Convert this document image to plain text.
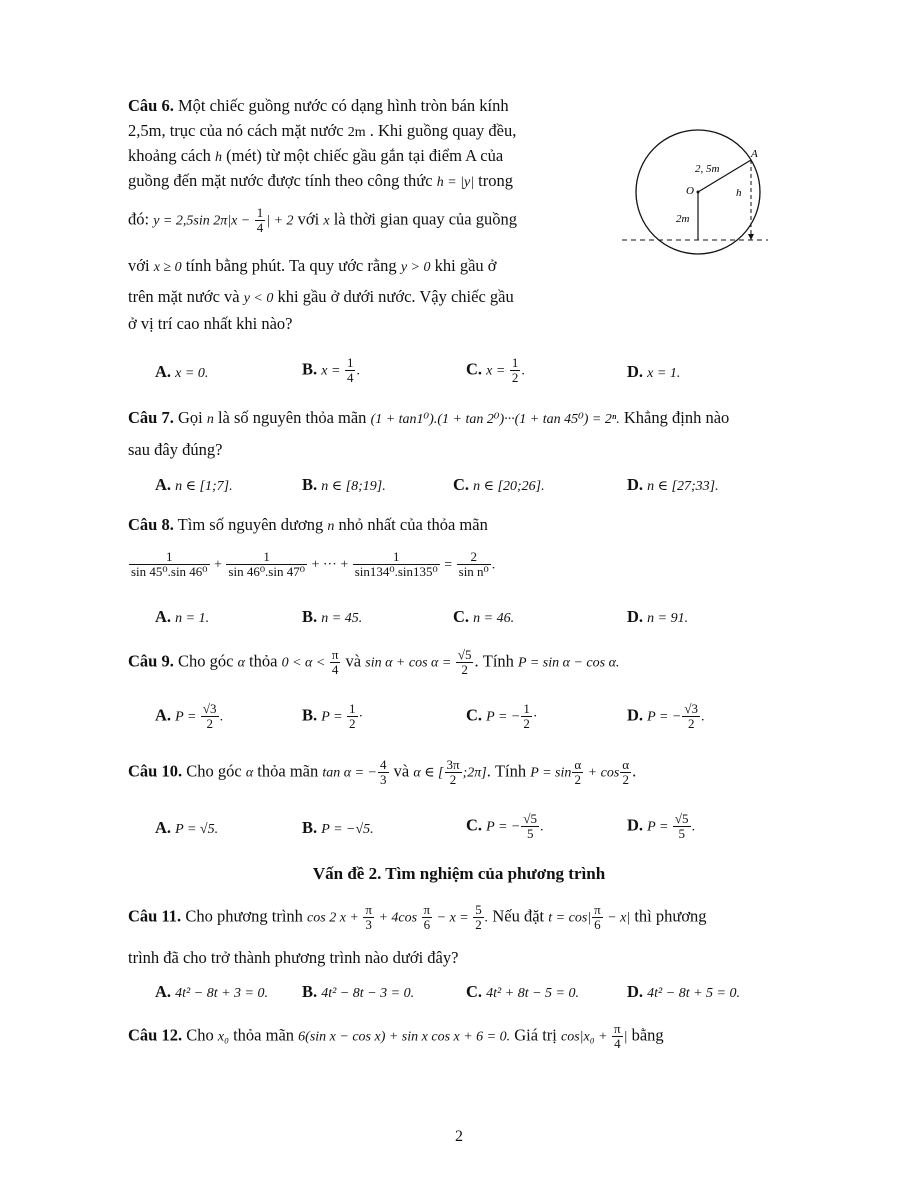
Câu 6. Một chiếc guồng nước có dạng hình tròn bán kính
2,5m, trục của nó cách mặt nước 2m . Khi guồng quay đều,
khoảng cách h (mét) từ một chiếc gầu gắn tại điểm A của
guồng đến mặt nước được tính theo công thức h = |y| trong
đó: y = 2,5sin $2\pi|x - \frac{1}{4}$ | + 2 với x là thời gian quay của guồng
với x ≥ 0 tính bằng phút. Ta quy ước rằng y > 0 khi gầu ở
trên mặt nước và y < 0 khi gầu ở dưới nước. Vậy chiếc gầu
ở vị trí cao nhất khi nào?
2, 5m
A
O	h
2m
A. x = 0.	B. $x = \frac{1}{4}$ .	C. $x = \frac{1}{2}$ .	D. x = 1.
Câu 7. Gọi n là số nguyên thỏa mãn (1 + tan1⁰).(1 + tan 2⁰)···(1 + tan 45⁰) = 2ⁿ. Khẳng định nào
sau đây đúng?
A. n ∈ [1;7].	B. n ∈ [8;19].	C. n ∈ [20;26].	D. n ∈ [27;33].
Câu 8. Tìm số nguyên dương n nhỏ nhất của thỏa mãn
$\frac{1}{\text{sin 45⁰.sin 46⁰}} + \frac{1}{\text{sin 46⁰.sin 47⁰}}$ + ··· + $\frac{1}{\text{sin134⁰.sin135⁰}} = \frac{2}{\text{sin n⁰}}$ .
A. n = 1.	B. n = 45.	C. n = 46.	D. n = 91.
Câu 9. Cho góc α thỏa $0 < \alpha < \frac{\pi}{4}$ và $\sin \alpha + \cos \alpha = \frac{√5}{2}$ . Tính P = sin α − cos α.
A. $P = \frac{√3}{2}$ .	B. $P = \frac{1}{2}$ ·	C. P = − $\frac{1}{2}$ ·	D. P = − $\frac{√3}{2}$ .
Câu 10. Cho góc α thỏa mãn tan α = − $\frac{4}{3}$ và α ∈ [ $\frac{3\pi}{2}$ ;2π]. Tính $P = \sin \frac{\alpha}{2} + \cos \frac{\alpha}{2}$ .
A. P = √5.	B. P = −√5.	C. P = − $\frac{√5}{5}$ .	D. $P = \frac{√5}{5}$ .
Vấn đề 2. Tìm nghiệm của phương trình
Câu 11. Cho phương trình cos 2 $x + \frac{\pi}{3} + 4\cos \frac{\pi}{6} - x = \frac{5}{2}$ . Nếu đặt $t = \cos| \frac{\pi}{6} - x|$ thì phương
trình đã cho trở thành phương trình nào dưới đây?
A. 4t² − 8t + 3 = 0. B. 4t² − 8t − 3 = 0.	C. 4t² + 8t − 5 = 0.	D. 4t² − 8t + 5 = 0.
Câu 12. Cho x₀ thỏa mãn 6(sin x − cos x) + sin x cos x + 6 = 0. Giá trị $\cos|x_0 + \frac{\pi}{4}$ | bằng
2
